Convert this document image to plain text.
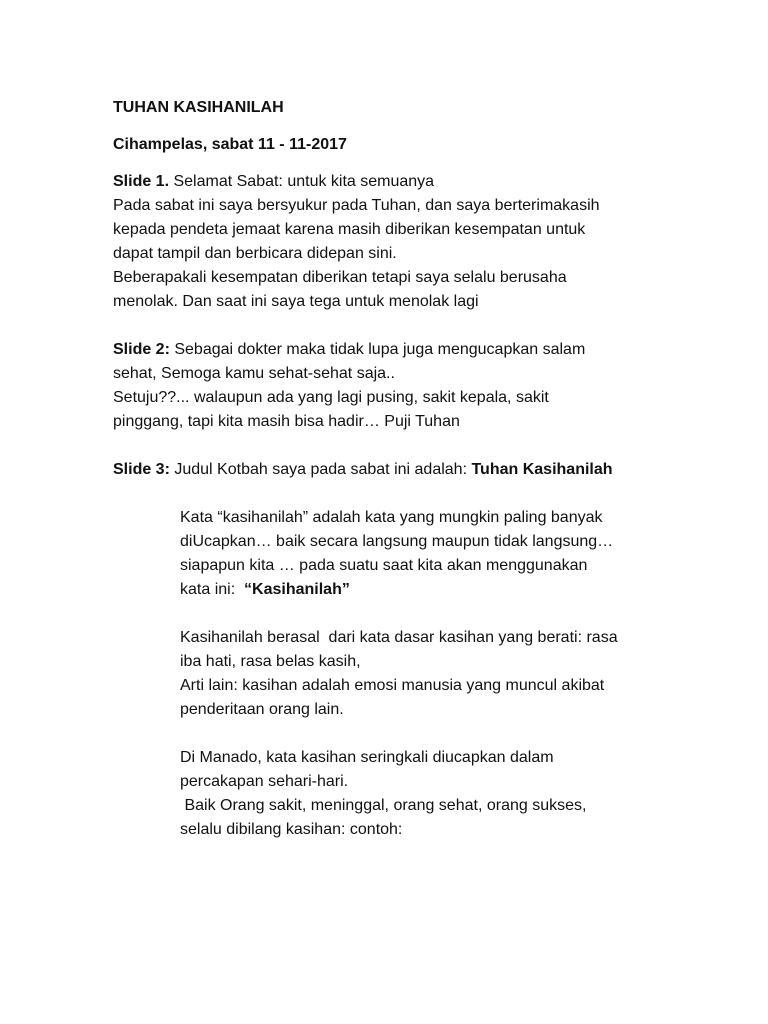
TUHAN KASIHANILAH

Cihampelas, sabat 11 - 11-2017

Slide 1. Selamat Sabat: untuk kita semuanya
Pada sabat ini saya bersyukur pada Tuhan, dan saya berterimakasih
kepada pendeta jemaat karena masih diberikan kesempatan untuk
dapat tampil dan berbicara didepan sini.
Beberapakali kesempatan diberikan tetapi saya selalu berusaha
menolak. Dan saat ini saya tega untuk menolak lagi
Slide 2: Sebagai dokter maka tidak lupa juga mengucapkan salam
sehat, Semoga kamu sehat-sehat saja..
Setuju??... walaupun ada yang lagi pusing, sakit kepala, sakit
pinggang, tapi kita masih bisa hadir… Puji Tuhan
Slide 3: Judul Kotbah saya pada sabat ini adalah: Tuhan Kasihanilah
Kata “kasihanilah” adalah kata yang mungkin paling banyak
diUcapkan… baik secara langsung maupun tidak langsung…
siapapun kita … pada suatu saat kita akan menggunakan
kata ini:  “Kasihanilah”
Kasihanilah berasal  dari kata dasar kasihan yang berati: rasa
iba hati, rasa belas kasih,
Arti lain: kasihan adalah emosi manusia yang muncul akibat
penderitaan orang lain.
Di Manado, kata kasihan seringkali diucapkan dalam
percakapan sehari-hari.
Baik Orang sakit, meninggal, orang sehat, orang sukses,
selalu dibilang kasihan: contoh:
